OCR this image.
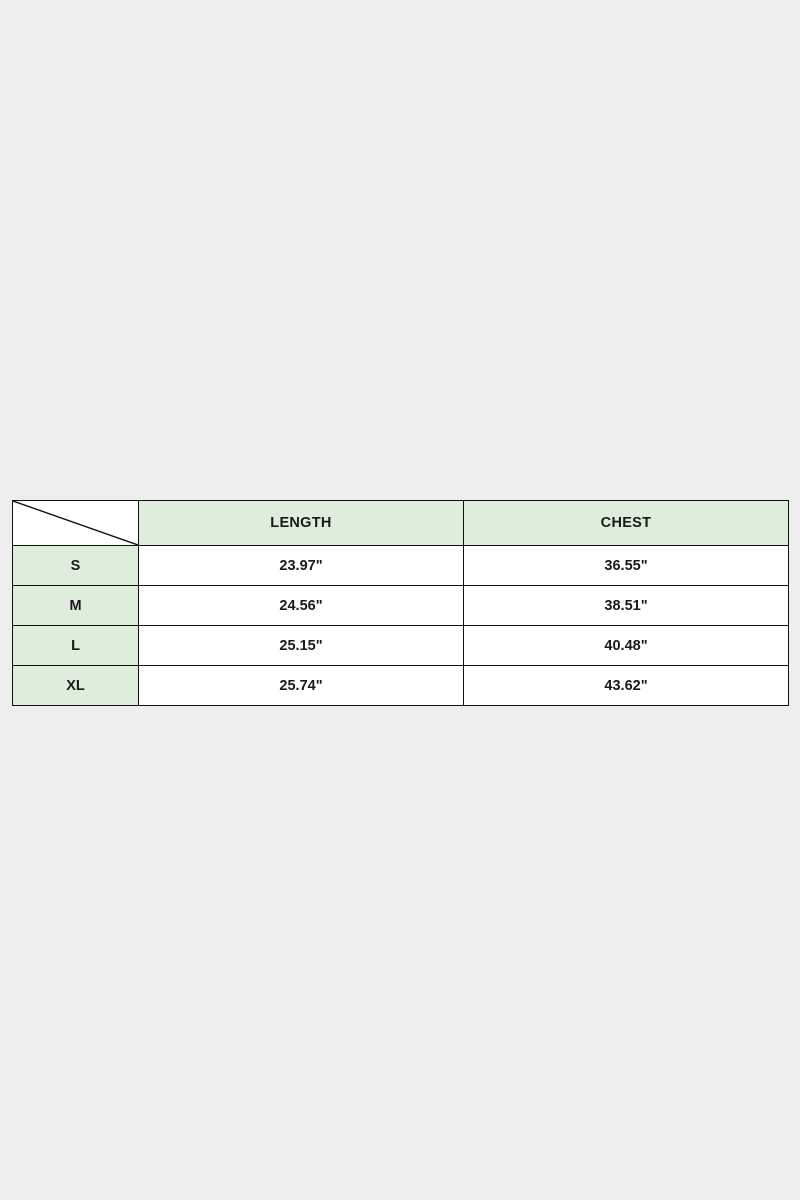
	LENGTH	CHEST
S	23.97"	36.55"
M	24.56"	38.51"
L	25.15"	40.48"
XL	25.74"	43.62"
